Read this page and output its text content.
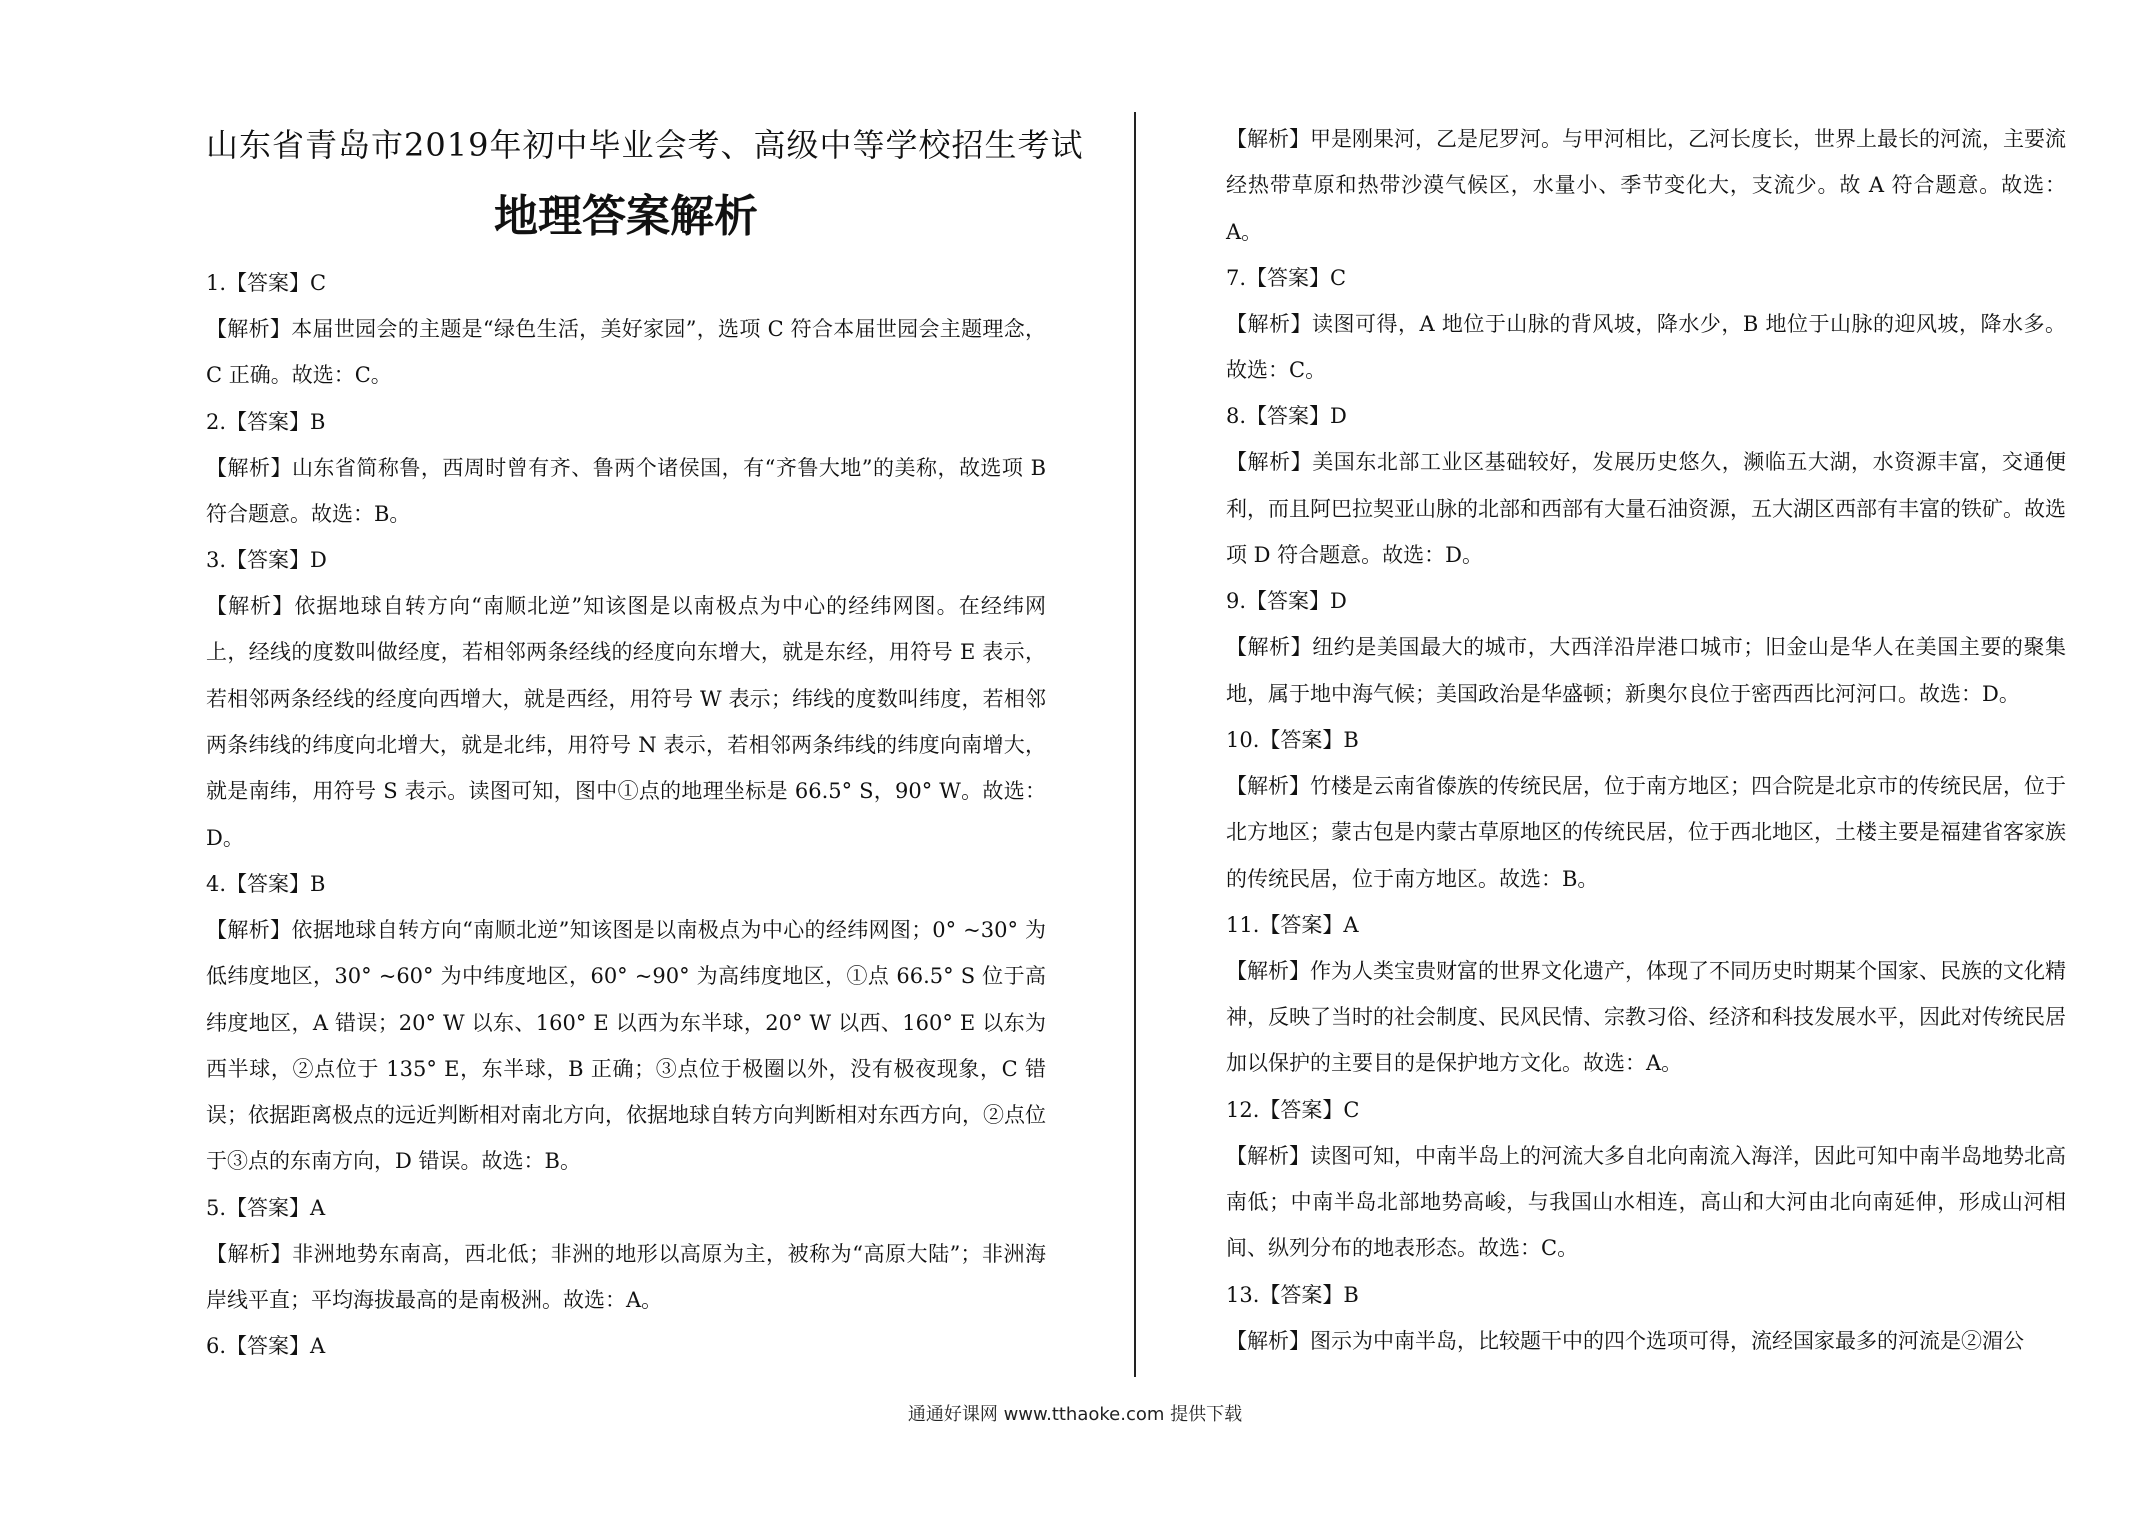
山东省青岛市2019年初中毕业会考、高级中等学校招生考试
地理答案解析
1.【答案】C

【解析】本届世园会的主题是“绿色生活，美好家园”，选项 C 符合本届世园会主题理念，C 正确。故选：C。

2.【答案】B

【解析】山东省简称鲁，西周时曾有齐、鲁两个诸侯国，有“齐鲁大地”的美称，故选项 B 符合题意。故选：B。

3.【答案】D

【解析】依据地球自转方向“南顺北逆”知该图是以南极点为中心的经纬网图。在经纬网上，经线的度数叫做经度，若相邻两条经线的经度向东增大，就是东经，用符号 E 表示，若相邻两条经线的经度向西增大，就是西经，用符号 W 表示；纬线的度数叫纬度，若相邻两条纬线的纬度向北增大，就是北纬，用符号 N 表示，若相邻两条纬线的纬度向南增大，就是南纬，用符号 S 表示。读图可知，图中①点的地理坐标是 66.5° S，90° W。故选：D。

4.【答案】B

【解析】依据地球自转方向“南顺北逆”知该图是以南极点为中心的经纬网图；0° ~30° 为低纬度地区，30° ~60° 为中纬度地区，60° ~90° 为高纬度地区，①点 66.5° S 位于高纬度地区，A 错误；20° W 以东、160° E 以西为东半球，20° W 以西、160° E 以东为西半球，②点位于 135° E，东半球，B 正确；③点位于极圈以外，没有极夜现象，C 错误；依据距离极点的远近判断相对南北方向，依据地球自转方向判断相对东西方向，②点位于③点的东南方向，D 错误。故选：B。

5.【答案】A

【解析】非洲地势东南高，西北低；非洲的地形以高原为主，被称为“高原大陆”；非洲海岸线平直；平均海拔最高的是南极洲。故选：A。

6.【答案】A

【解析】甲是刚果河，乙是尼罗河。与甲河相比，乙河长度长，世界上最长的河流，主要流经热带草原和热带沙漠气候区，水量小、季节变化大，支流少。故 A 符合题意。故选：A。

7.【答案】C

【解析】读图可得，A 地位于山脉的背风坡，降水少，B 地位于山脉的迎风坡，降水多。故选：C。

8.【答案】D

【解析】美国东北部工业区基础较好，发展历史悠久，濒临五大湖，水资源丰富，交通便利，而且阿巴拉契亚山脉的北部和西部有大量石油资源，五大湖区西部有丰富的铁矿。故选项 D 符合题意。故选：D。

9.【答案】D

【解析】纽约是美国最大的城市，大西洋沿岸港口城市；旧金山是华人在美国主要的聚集地，属于地中海气候；美国政治是华盛顿；新奥尔良位于密西西比河河口。故选：D。

10.【答案】B

【解析】竹楼是云南省傣族的传统民居，位于南方地区；四合院是北京市的传统民居，位于北方地区；蒙古包是内蒙古草原地区的传统民居，位于西北地区，土楼主要是福建省客家族的传统民居，位于南方地区。故选：B。

11.【答案】A

【解析】作为人类宝贵财富的世界文化遗产，体现了不同历史时期某个国家、民族的文化精神，反映了当时的社会制度、民风民情、宗教习俗、经济和科技发展水平，因此对传统民居加以保护的主要目的是保护地方文化。故选：A。

12.【答案】C

【解析】读图可知，中南半岛上的河流大多自北向南流入海洋，因此可知中南半岛地势北高南低；中南半岛北部地势高峻，与我国山水相连，高山和大河由北向南延伸，形成山河相间、纵列分布的地表形态。故选：C。

13.【答案】B

【解析】图示为中南半岛，比较题干中的四个选项可得，流经国家最多的河流是②湄公

通通好课网 www.tthaoke.com 提供下载
